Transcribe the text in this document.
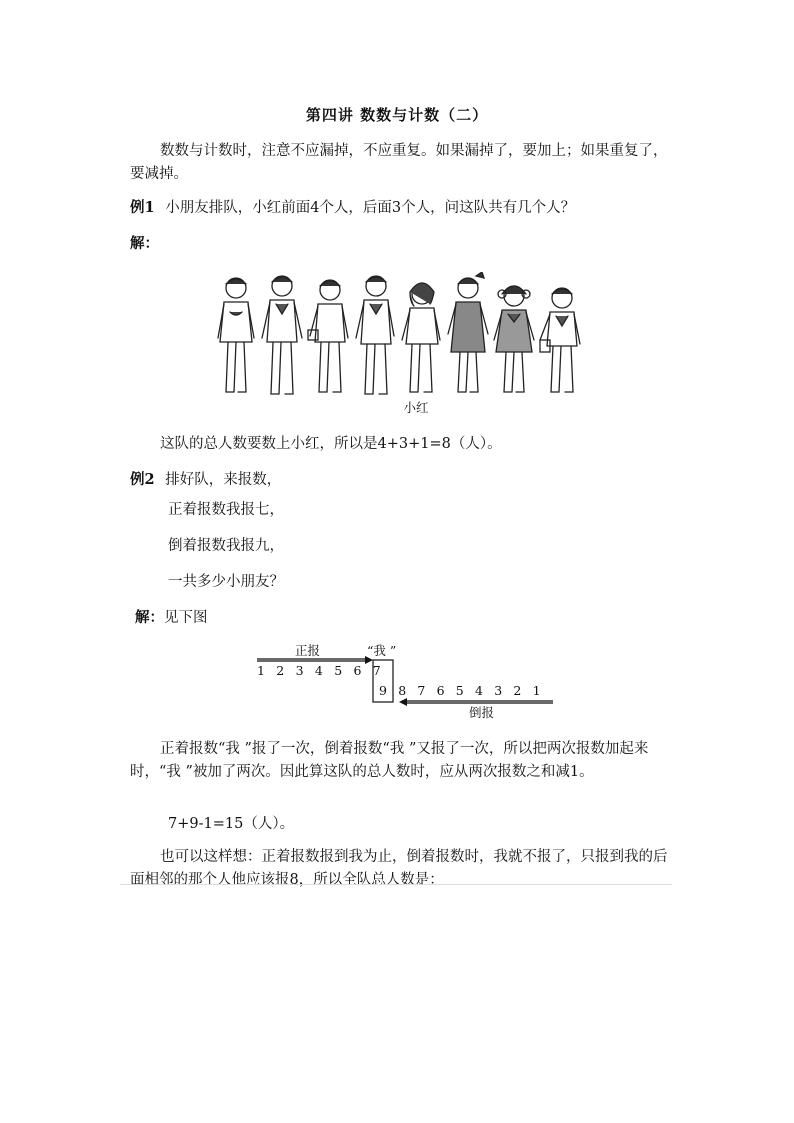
第四讲 数数与计数（二）
数数与计数时，注意不应漏掉，不应重复。如果漏掉了，要加上；如果重复了，要减掉。
例1 小朋友排队，小红前面4个人，后面3个人，问这队共有几个人？
解：
小红
这队的总人数要数上小红，所以是4+3+1=8（人）。
例2 排好队，来报数，
正着报数我报七，
倒着报数我报九，
一共多少小朋友？
解：见下图
正报	“我 ”
1 2 3 4 5 6 7
9 8 7 6 5 4 3 2 1
倒报
正着报数“我 ”报了一次，倒着报数“我 ”又报了一次，所以把两次报数加起来时，“我 ”被加了两次。因此算这队的总人数时，应从两次报数之和减1。
7+9-1=15（人）。
也可以这样想：正着报数报到我为止，倒着报数时，我就不报了，只报到我的后面相邻的那个人他应该报8，所以全队总人数是：
